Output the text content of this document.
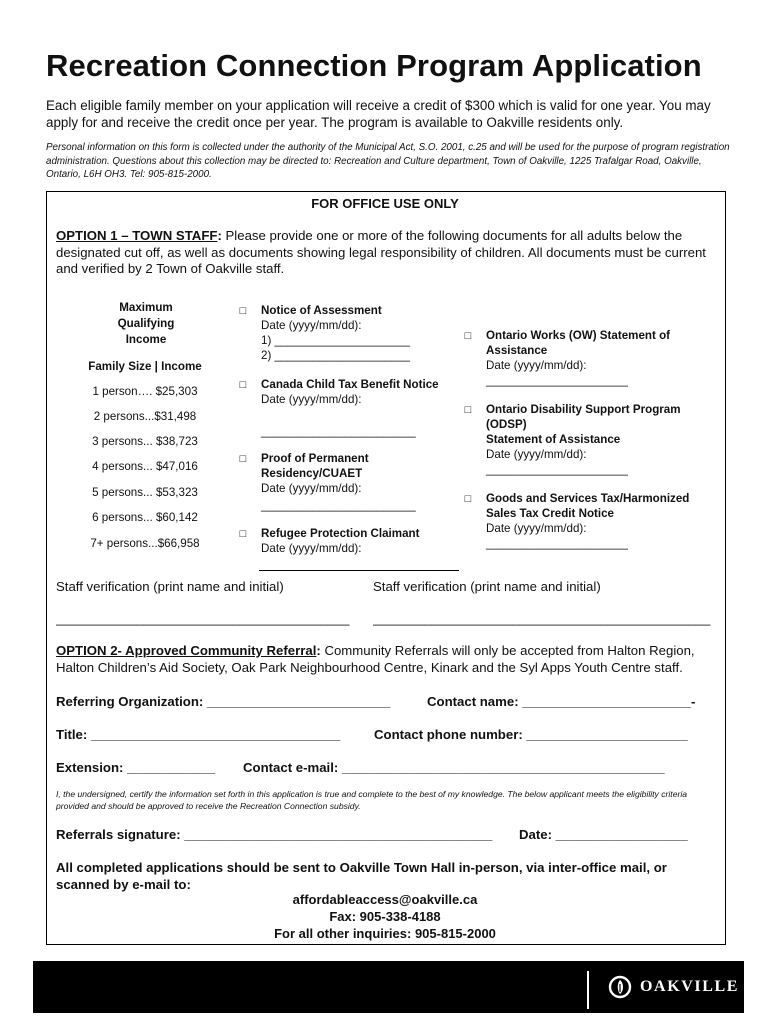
Recreation Connection Program Application
Each eligible family member on your application will receive a credit of $300 which is valid for one year. You may apply for and receive the credit once per year. The program is available to Oakville residents only.
Personal information on this form is collected under the authority of the Municipal Act, S.O. 2001, c.25 and will be used for the purpose of program registration administration. Questions about this collection may be directed to: Recreation and Culture department, Town of Oakville, 1225 Trafalgar Road, Oakville, Ontario, L6H OH3. Tel: 905-815-2000.
FOR OFFICE USE ONLY
OPTION 1 – TOWN STAFF: Please provide one or more of the following documents for all adults below the designated cut off, as well as documents showing legal responsibility of children. All documents must be current and verified by 2 Town of Oakville staff.
Maximum Qualifying Income
Family Size | Income
1 person…. $25,303
2 persons...$31,498
3 persons... $38,723
4 persons... $47,016
5 persons... $53,323
6 persons... $60,142
7+ persons...$66,958
□	Notice of Assessment
Date (yyyy/mm/dd):
1) _____________________
2) _____________________
□	Canada Child Tax Benefit Notice
Date (yyyy/mm/dd):
________________________
□	Proof of Permanent
Residency/CUAET
Date (yyyy/mm/dd):
________________________
□	Refugee Protection Claimant
Date (yyyy/mm/dd):
□	Ontario Works (OW) Statement of
Assistance
Date (yyyy/mm/dd):
______________________
□	Ontario Disability Support Program
(ODSP)
Statement of Assistance
Date (yyyy/mm/dd):
______________________
□	Goods and Services Tax/Harmonized
Sales Tax Credit Notice
Date (yyyy/mm/dd):
______________________
Staff verification (print name and initial)	Staff verification (print name and initial)
________________________________________	______________________________________________
OPTION 2- Approved Community Referral: Community Referrals will only be accepted from Halton Region, Halton Children’s Aid Society, Oak Park Neighbourhood Centre, Kinark and the Syl Apps Youth Centre staff.
Referring Organization: _________________________	Contact name: _______________________-
Title: __________________________________	Contact phone number: ______________________
Extension: ____________ Contact e-mail: ____________________________________________
I, the undersigned, certify the information set forth in this application is true and complete to the best of my knowledge. The below applicant meets the eligibility criteria provided and should be approved to receive the Recreation Connection subsidy.
Referrals signature: __________________________________________ Date: __________________
All completed applications should be sent to Oakville Town Hall in-person, via inter-office mail, or scanned by e-mail to:
affordableaccess@oakville.ca
Fax: 905-338-4188
For all other inquiries: 905-815-2000
OAKVILLE
